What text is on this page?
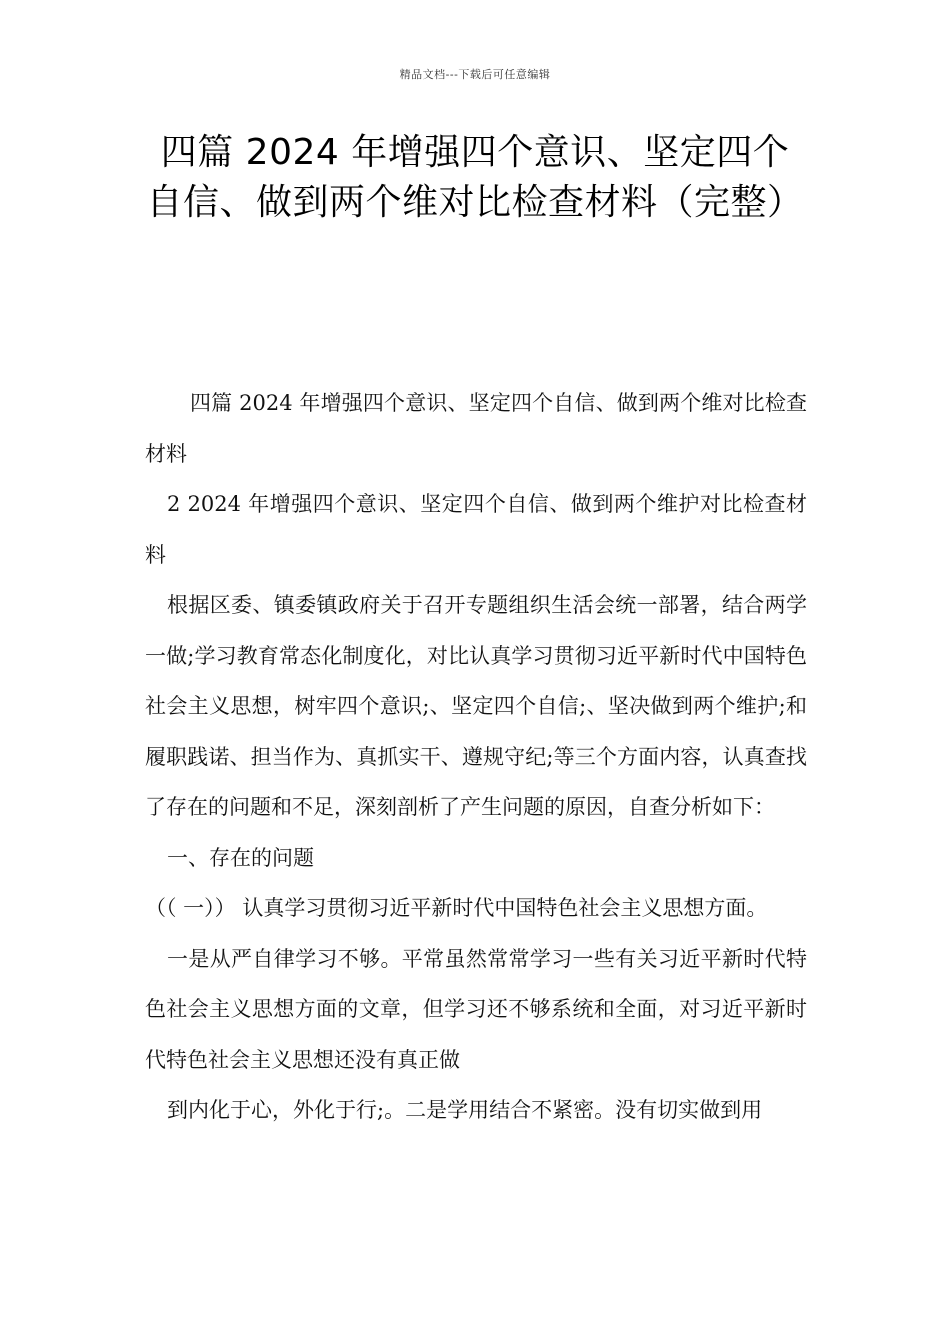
精品文档---下载后可任意编辑
四篇 2024 年增强四个意识、坚定四个自信、做到两个维对比检查材料（完整）

四篇 2024 年增强四个意识、坚定四个自信、做到两个维对比检查材料

2 2024 年增强四个意识、坚定四个自信、做到两个维护对比检查材料

根据区委、镇委镇政府关于召开专题组织生活会统一部署，结合两学一做;学习教育常态化制度化，对比认真学习贯彻习近平新时代中国特色社会主义思想，树牢四个意识;、坚定四个自信;、坚决做到两个维护;和履职践诺、担当作为、真抓实干、遵规守纪;等三个方面内容，认真查找了存在的问题和不足，深刻剖析了产生问题的原因，自查分析如下：

一、存在的问题

（（ 一）） 认真学习贯彻习近平新时代中国特色社会主义思想方面。

一是从严自律学习不够。平常虽然常常学习一些有关习近平新时代特色社会主义思想方面的文章，但学习还不够系统和全面，对习近平新时代特色社会主义思想还没有真正做

到内化于心，外化于行;。二是学用结合不紧密。没有切实做到用
